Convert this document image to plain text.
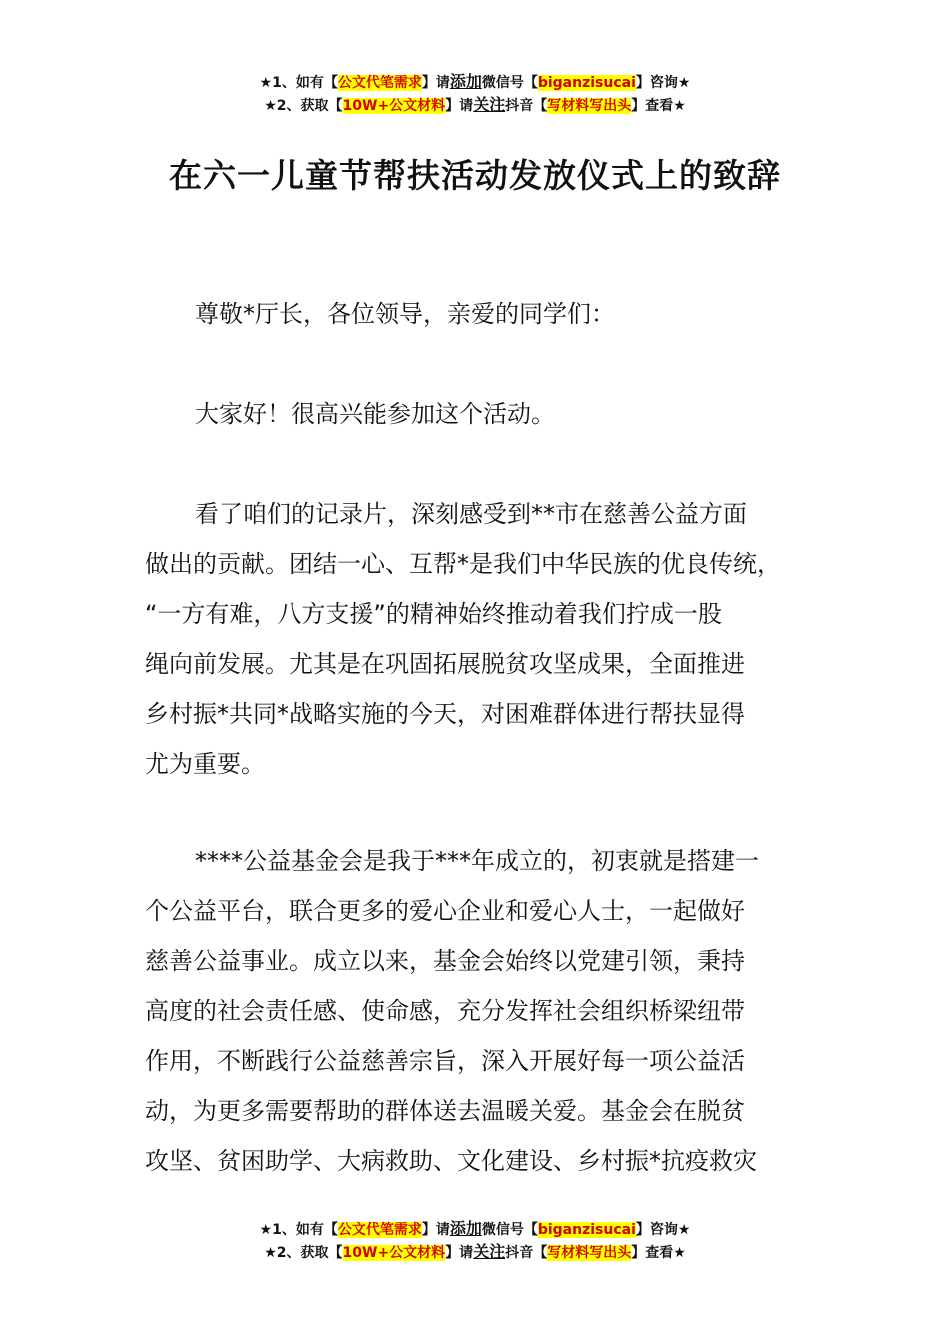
★1、如有【公文代笔需求】请添加微信号【biganzisucai】咨询★
★2、获取【10W+公文材料】请关注抖音【写材料写出头】查看★
在六一儿童节帮扶活动发放仪式上的致辞

尊敬*厅长，各位领导，亲爱的同学们：

大家好！很高兴能参加这个活动。

看了咱们的记录片，深刻感受到**市在慈善公益方面
做出的贡献。团结一心、互帮*是我们中华民族的优良传统，
“一方有难，八方支援”的精神始终推动着我们拧成一股
绳向前发展。尤其是在巩固拓展脱贫攻坚成果，全面推进
乡村振*共同*战略实施的今天，对困难群体进行帮扶显得
尤为重要。
****公益基金会是我于***年成立的，初衷就是搭建一
个公益平台，联合更多的爱心企业和爱心人士，一起做好
慈善公益事业。成立以来，基金会始终以党建引领，秉持
高度的社会责任感、使命感，充分发挥社会组织桥梁纽带
作用，不断践行公益慈善宗旨，深入开展好每一项公益活
动，为更多需要帮助的群体送去温暖关爱。基金会在脱贫
攻坚、贫困助学、大病救助、文化建设、乡村振*抗疫救灾
★1、如有【公文代笔需求】请添加微信号【biganzisucai】咨询★
★2、获取【10W+公文材料】请关注抖音【写材料写出头】查看★
